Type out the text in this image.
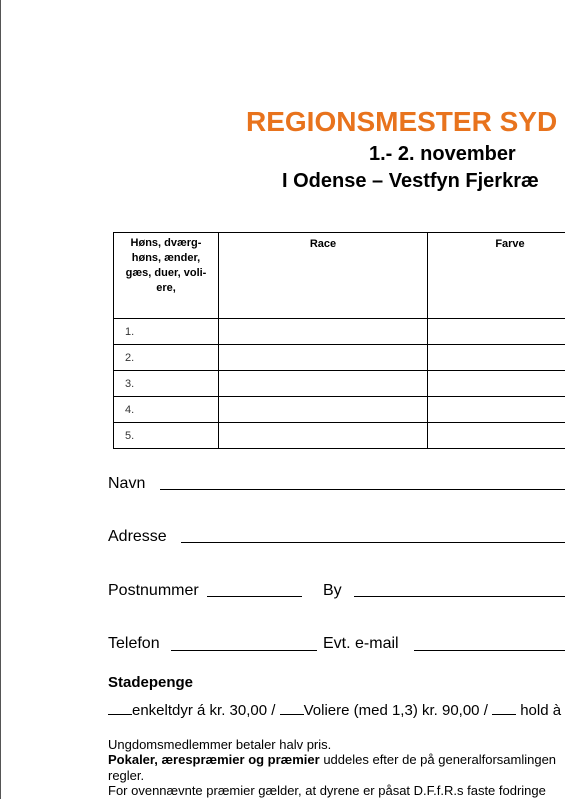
REGIONSMESTER SYD
1.- 2. november
I Odense – Vestfyn Fjerkræ
Høns, dværg-
høns, ænder,
gæs, duer, voli-
ere,	Race	Farve
1.		
2.		
3.		
4.		
5.		
Navn
Adresse
Postnummer	By
Telefon	Evt. e-mail
Stadepenge
enkeltdyr á kr. 30,00 / Voliere (med 1,3) kr. 90,00 / hold à
Ungdomsmedlemmer betaler halv pris.
Pokaler, ærespræmier og præmier uddeles efter de på generalforsamlingen
regler.
For ovennævnte præmier gælder, at dyrene er påsat D.F.f.R.s faste fodringe
